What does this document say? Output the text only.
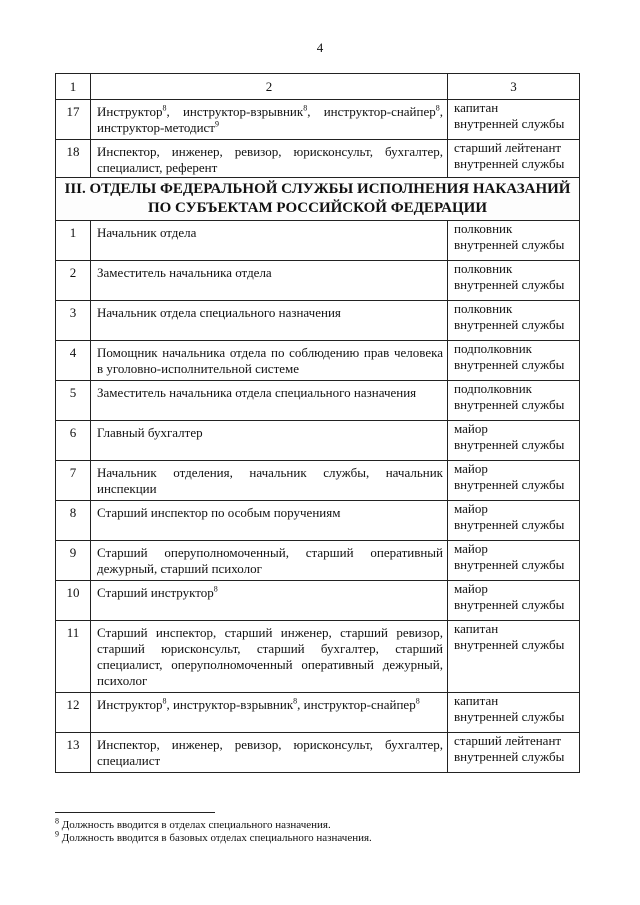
4
1	2	3
17	Инструктор$^8$, инструктор-взрывник$^8$, инструктор-снайпер$^8$, инструктор-методист$^9$	капитан
внутренней службы

18	Инспектор, инженер, ревизор, юрисконсульт, бухгалтер, специалист, референт	старший лейтенант
внутренней службы

III. ОТДЕЛЫ ФЕДЕРАЛЬНОЙ СЛУЖБЫ ИСПОЛНЕНИЯ НАКАЗАНИЙ ПО СУБЪЕКТАМ РОССИЙСКОЙ ФЕДЕРАЦИИ		
1	Начальник отдела	полковник
внутренней службы

2	Заместитель начальника отдела	полковник
внутренней службы

3	Начальник отдела специального назначения	полковник
внутренней службы

4	Помощник начальника отдела по соблюдению прав человека в уголовно-исполнительной системе	подполковник
внутренней службы

5	Заместитель начальника отдела специального назначения	подполковник
внутренней службы

6	Главный бухгалтер	майор
внутренней службы

7	Начальник отделения, начальник службы, начальник инспекции	майор
внутренней службы

8	Старший инспектор по особым поручениям	майор
внутренней службы

9	Старший оперуполномоченный, старший оперативный дежурный, старший психолог	майор
внутренней службы

10	Старший инструктор$^8$	майор
внутренней службы

11	Старший инспектор, старший инженер, старший ревизор, старший юрисконсульт, старший бухгалтер, старший специалист, оперуполномоченный оперативный дежурный, психолог	капитан
внутренней службы

12	Инструктор$^8$, инструктор-взрывник$^8$, инструктор-снайпер$^8$	капитан
внутренней службы

13	Инспектор, инженер, ревизор, юрисконсульт, бухгалтер, специалист	старший лейтенант
внутренней службы
$^8$ Должность вводится в отделах специального назначения.
$^9$ Должность вводится в базовых отделах специального назначения.
